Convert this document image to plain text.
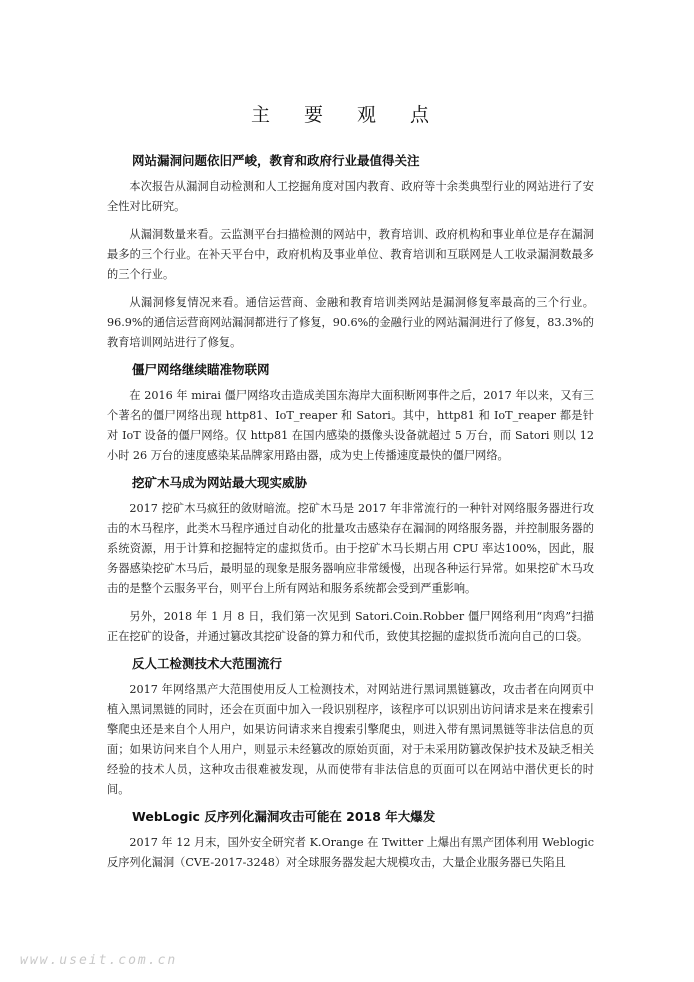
主 要 观 点
网站漏洞问题依旧严峻，教育和政府行业最值得关注

本次报告从漏洞自动检测和人工挖掘角度对国内教育、政府等十余类典型行业的网站进行了安全性对比研究。

从漏洞数量来看。云监测平台扫描检测的网站中，教育培训、政府机构和事业单位是存在漏洞最多的三个行业。在补天平台中，政府机构及事业单位、教育培训和互联网是人工收录漏洞数最多的三个行业。

从漏洞修复情况来看。通信运营商、金融和教育培训类网站是漏洞修复率最高的三个行业。96.9%的通信运营商网站漏洞都进行了修复，90.6%的金融行业的网站漏洞进行了修复，83.3%的教育培训网站进行了修复。

僵尸网络继续瞄准物联网

在 2016 年 mirai 僵尸网络攻击造成美国东海岸大面积断网事件之后，2017 年以来，又有三个著名的僵尸网络出现 http81、IoT_reaper 和 Satori。其中，http81 和 IoT_reaper 都是针对 IoT 设备的僵尸网络。仅 http81 在国内感染的摄像头设备就超过 5 万台，而 Satori 则以 12 小时 26 万台的速度感染某品牌家用路由器，成为史上传播速度最快的僵尸网络。

挖矿木马成为网站最大现实威胁

2017 挖矿木马疯狂的敛财暗流。挖矿木马是 2017 年非常流行的一种针对网络服务器进行攻击的木马程序，此类木马程序通过自动化的批量攻击感染存在漏洞的网络服务器，并控制服务器的系统资源，用于计算和挖掘特定的虚拟货币。由于挖矿木马长期占用 CPU 率达100%，因此，服务器感染挖矿木马后，最明显的现象是服务器响应非常缓慢，出现各种运行异常。如果挖矿木马攻击的是整个云服务平台，则平台上所有网站和服务系统都会受到严重影响。

另外，2018 年 1 月 8 日，我们第一次见到 Satori.Coin.Robber 僵尸网络利用“肉鸡”扫描正在挖矿的设备，并通过篡改其挖矿设备的算力和代币，致使其挖掘的虚拟货币流向自己的口袋。

反人工检测技术大范围流行

2017 年网络黑产大范围使用反人工检测技术，对网站进行黑词黑链篡改，攻击者在向网页中植入黑词黑链的同时，还会在页面中加入一段识别程序，该程序可以识别出访问请求是来在搜索引擎爬虫还是来自个人用户，如果访问请求来自搜索引擎爬虫，则进入带有黑词黑链等非法信息的页面；如果访问来自个人用户，则显示未经篡改的原始页面，对于未采用防篡改保护技术及缺乏相关经验的技术人员，这种攻击很难被发现，从而使带有非法信息的页面可以在网站中潜伏更长的时间。

WebLogic 反序列化漏洞攻击可能在 2018 年大爆发

2017 年 12 月末，国外安全研究者 K.Orange 在 Twitter 上爆出有黑产团体利用 Weblogic 反序列化漏洞（CVE-2017-3248）对全球服务器发起大规模攻击，大量企业服务器已失陷且

www.useit.com.cn
